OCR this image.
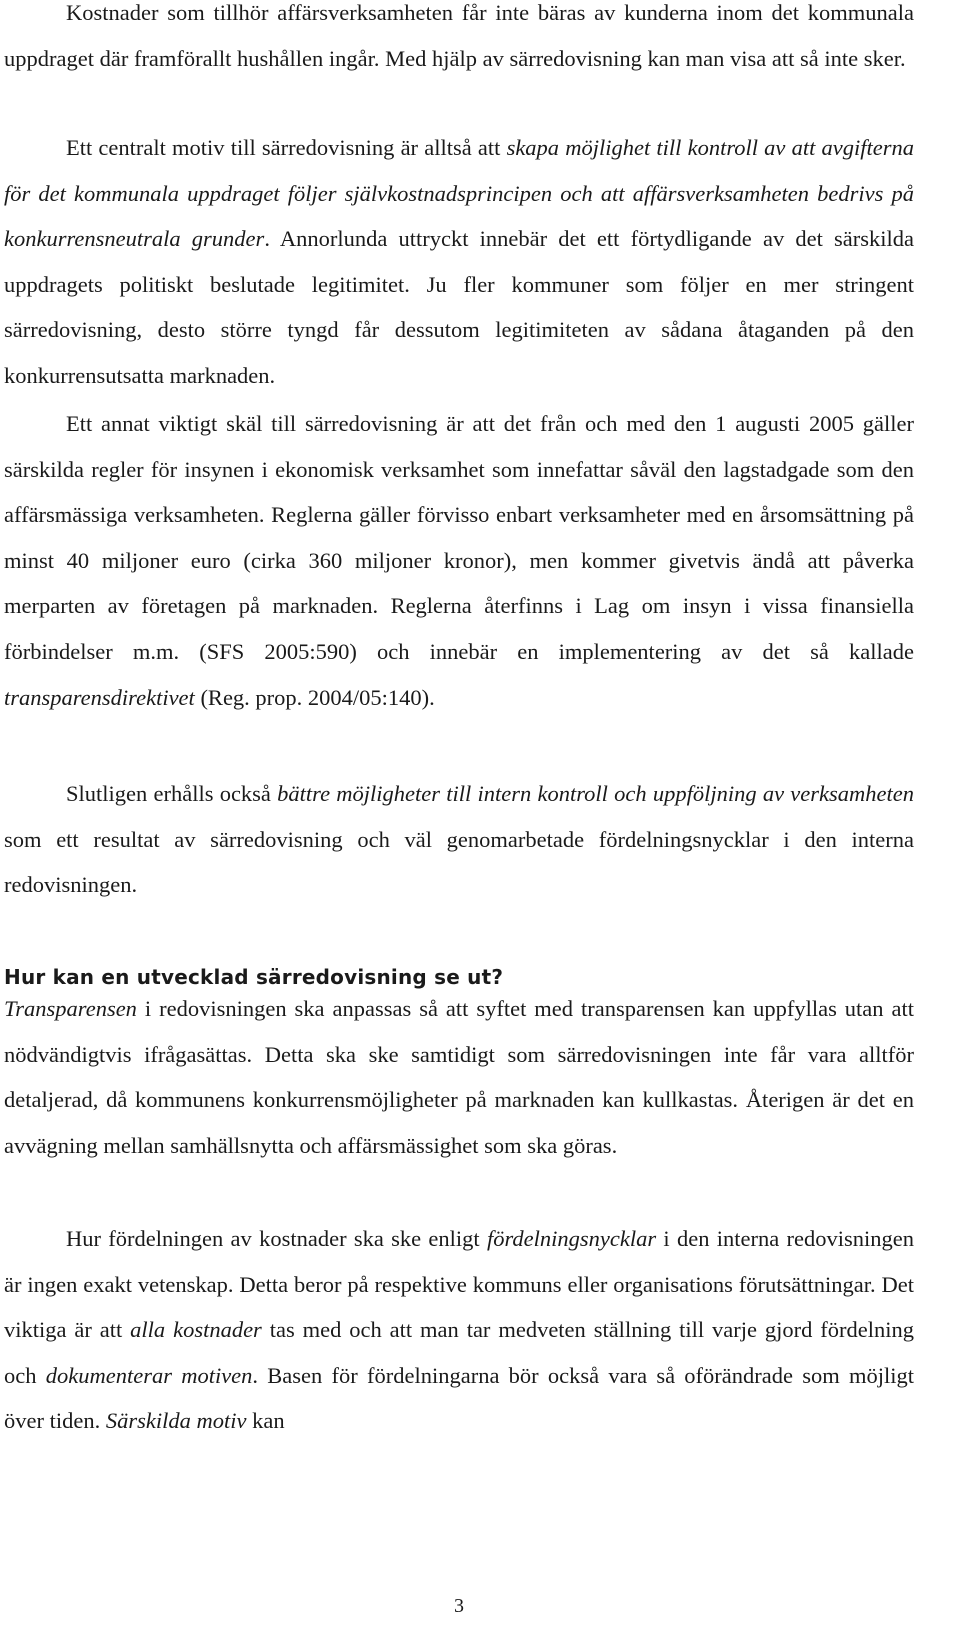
Kostnader som tillhör affärsverksamheten får inte bäras av kunderna inom det kommunala uppdraget där framförallt hushållen ingår. Med hjälp av särredovisning kan man visa att så inte sker.

Ett centralt motiv till särredovisning är alltså att skapa möjlighet till kontroll av att avgifterna för det kommunala uppdraget följer självkostnadsprincipen och att affärsverksamheten bedrivs på konkurrensneutrala grunder. Annorlunda uttryckt innebär det ett förtydligande av det särskilda uppdragets politiskt beslutade legitimitet. Ju fler kommuner som följer en mer stringent särredovisning, desto större tyngd får dessutom legitimiteten av sådana åtaganden på den konkurrensutsatta marknaden.

Ett annat viktigt skäl till särredovisning är att det från och med den 1 augusti 2005 gäller särskilda regler för insynen i ekonomisk verksamhet som innefattar såväl den lagstadgade som den affärsmässiga verksamheten. Reglerna gäller förvisso enbart verksamheter med en årsomsättning på minst 40 miljoner euro (cirka 360 miljoner kronor), men kommer givetvis ändå att påverka merparten av företagen på marknaden. Reglerna återfinns i Lag om insyn i vissa finansiella förbindelser m.m. (SFS 2005:590) och innebär en implementering av det så kallade transparensdirektivet (Reg. prop. 2004/05:140).

Slutligen erhålls också bättre möjligheter till intern kontroll och uppföljning av verksamheten som ett resultat av särredovisning och väl genomarbetade fördelningsnycklar i den interna redovisningen.

Hur kan en utvecklad särredovisning se ut?

Transparensen i redovisningen ska anpassas så att syftet med transparensen kan uppfyllas utan att nödvändigtvis ifrågasättas. Detta ska ske samtidigt som särredovisningen inte får vara alltför detaljerad, då kommunens konkurrensmöjligheter på marknaden kan kullkastas. Återigen är det en avvägning mellan samhällsnytta och affärsmässighet som ska göras.

Hur fördelningen av kostnader ska ske enligt fördelningsnycklar i den interna redovisningen är ingen exakt vetenskap. Detta beror på respektive kommuns eller organisations förutsättningar. Det viktiga är att alla kostnader tas med och att man tar medveten ställning till varje gjord fördelning och dokumenterar motiven. Basen för fördelningarna bör också vara så oförändrade som möjligt över tiden. Särskilda motiv kan

3
